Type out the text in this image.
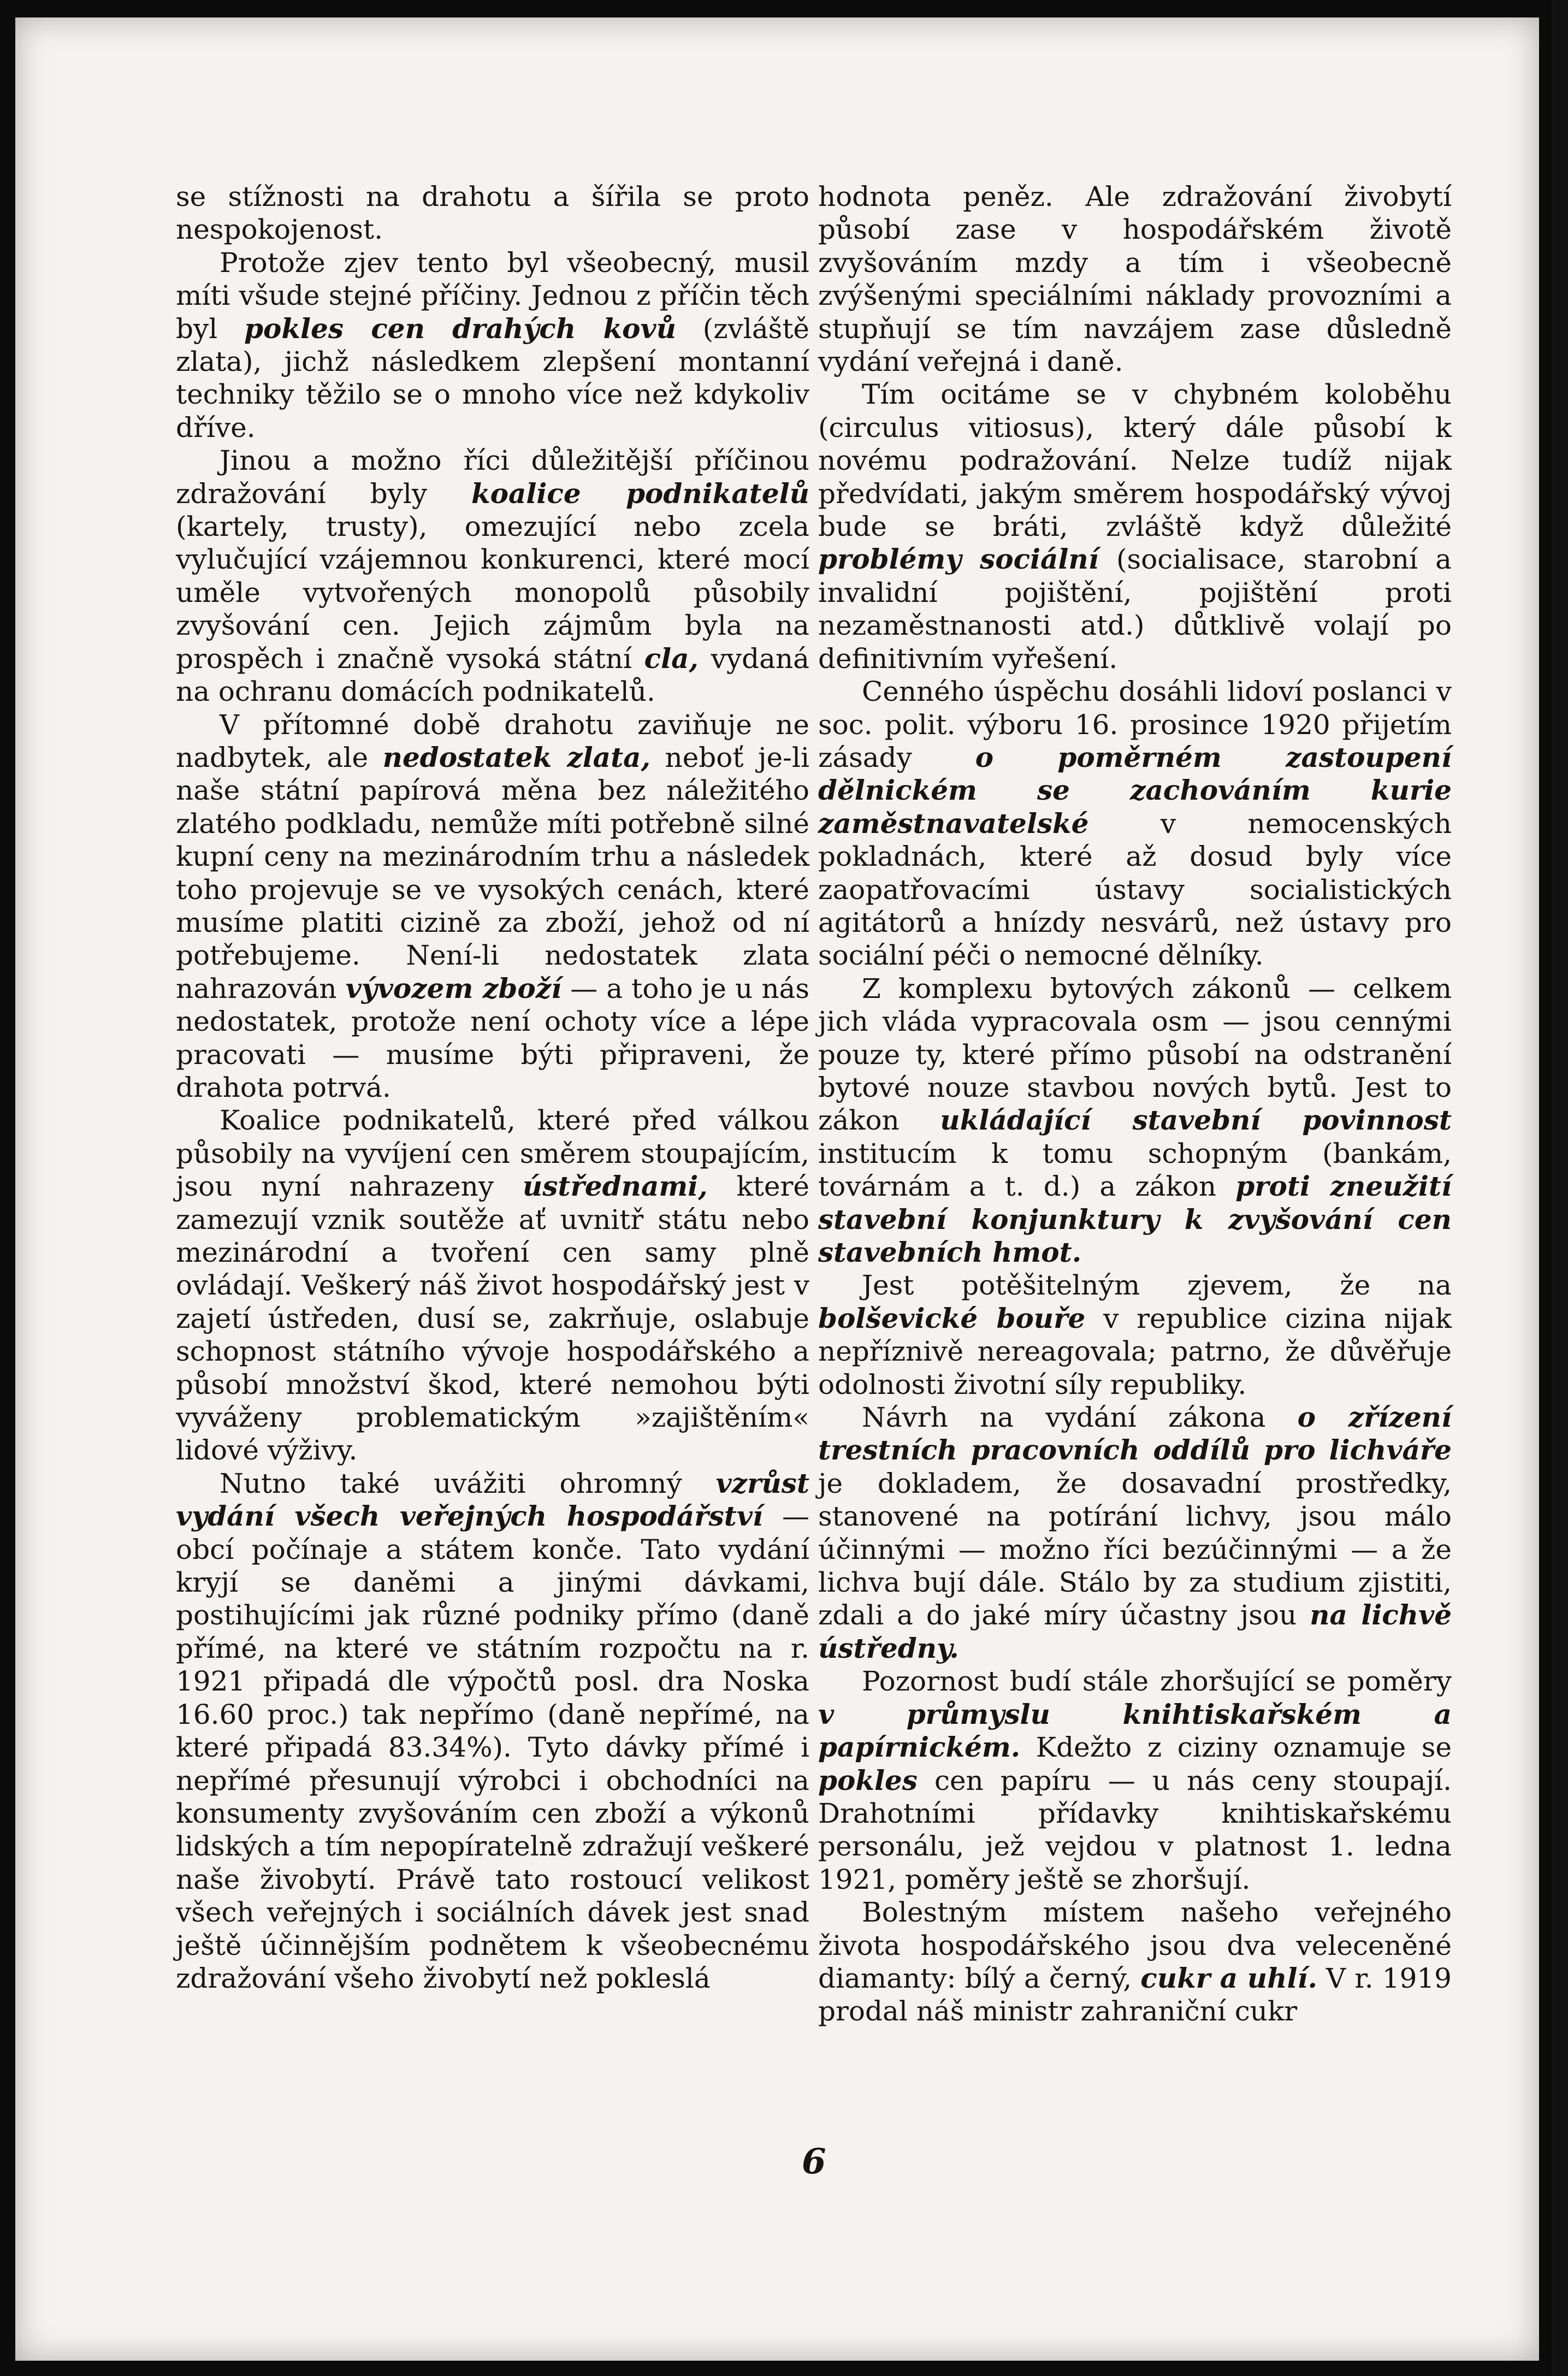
se stížnosti na drahotu a šířila se proto nespokojenost.

Protože zjev tento byl všeobecný, musil míti všude stejné příčiny. Jednou z příčin těch byl pokles cen drahých kovů (zvláště zlata), jichž následkem zlepšení montanní techniky těžilo se o mnoho více než kdykoliv dříve.

Jinou a možno říci důležitější příčinou zdražování byly koalice podnikatelů (kartely, trusty), omezující nebo zcela vylučující vzájemnou konkurenci, které mocí uměle vytvořených monopolů působily zvyšování cen. Jejich zájmům byla na prospěch i značně vysoká státní cla, vydaná na ochranu domácích podnikatelů.

V přítomné době drahotu zaviňuje ne nadbytek, ale nedostatek zlata, neboť je-li naše státní papírová měna bez náležitého zlatého podkladu, nemůže míti potřebně silné kupní ceny na mezinárodním trhu a následek toho projevuje se ve vysokých cenách, které musíme platiti cizině za zboží, jehož od ní potřebujeme. Není-li nedostatek zlata nahrazován vývozem zboží — a toho je u nás nedostatek, protože není ochoty více a lépe pracovati — musíme býti připraveni, že drahota potrvá.

Koalice podnikatelů, které před válkou působily na vyvíjení cen směrem stoupajícím, jsou nyní nahrazeny ústřednami, které zamezují vznik soutěže ať uvnitř státu nebo mezinárodní a tvoření cen samy plně ovládají. Veškerý náš život hospodářský jest v zajetí ústředen, dusí se, zakrňuje, oslabuje schopnost státního vývoje hospodářského a působí množství škod, které nemohou býti vyváženy problematickým »zajištěním« lidové výživy.

Nutno také uvážiti ohromný vzrůst vydání všech veřejných hospodářství — obcí počínaje a státem konče. Tato vydání kryjí se daněmi a jinými dávkami, postihujícími jak různé podniky přímo (daně přímé, na které ve státním rozpočtu na r. 1921 připadá dle výpočtů posl. dra Noska 16.60 proc.) tak nepřímo (daně nepřímé, na které připadá 83.34%). Tyto dávky přímé i nepřímé přesunují výrobci i obchodníci na konsumenty zvyšováním cen zboží a výkonů lidských a tím nepopíratelně zdražují veškeré naše živobytí. Právě tato rostoucí velikost všech veřejných i sociálních dávek jest snad ještě účinnějším podnětem k všeobecnému zdražování všeho živobytí než pokleslá

hodnota peněz. Ale zdražování živobytí působí zase v hospodářském životě zvyšováním mzdy a tím i všeobecně zvýšenými speciálními náklady provozními a stupňují se tím navzájem zase důsledně vydání veřejná i daně.

Tím ocitáme se v chybném koloběhu (circulus vitiosus), který dále působí k novému podražování. Nelze tudíž nijak předvídati, jakým směrem hospodářský vývoj bude se bráti, zvláště když důležité problémy sociální (socialisace, starobní a invalidní pojištění, pojištění proti nezaměstnanosti atd.) důtklivě volají po definitivním vyřešení.

Cenného úspěchu dosáhli lidoví poslanci v soc. polit. výboru 16. prosince 1920 přijetím zásady o poměrném zastoupení dělnickém se zachováním kurie zaměstnavatelské v nemocenských pokladnách, které až dosud byly více zaopatřovacími ústavy socialistických agitátorů a hnízdy nesvárů, než ústavy pro sociální péči o nemocné dělníky.

Z komplexu bytových zákonů — celkem jich vláda vypracovala osm — jsou cennými pouze ty, které přímo působí na odstranění bytové nouze stavbou nových bytů. Jest to zákon ukládající stavební povinnost institucím k tomu schopným (bankám, továrnám a t. d.) a zákon proti zneužití stavební konjunktury k zvyšování cen stavebních hmot.

Jest potěšitelným zjevem, že na bolševické bouře v republice cizina nijak nepříznivě nereagovala; patrno, že důvěřuje odolnosti životní síly republiky.

Návrh na vydání zákona o zřízení trestních pracovních oddílů pro lichváře je dokladem, že dosavadní prostředky, stanovené na potírání lichvy, jsou málo účinnými — možno říci bezúčinnými — a že lichva bují dále. Stálo by za studium zjistiti, zdali a do jaké míry účastny jsou na lichvě ústředny.

Pozornost budí stále zhoršující se poměry v průmyslu knihtiskařském a papírnickém. Kdežto z ciziny oznamuje se pokles cen papíru — u nás ceny stoupají. Drahotními přídavky knihtiskařskému personálu, jež vejdou v platnost 1. ledna 1921, poměry ještě se zhoršují.

Bolestným místem našeho veřejného života hospodářského jsou dva veleceněné diamanty: bílý a černý, cukr a uhlí. V r. 1919 prodal náš ministr zahraniční cukr

6
